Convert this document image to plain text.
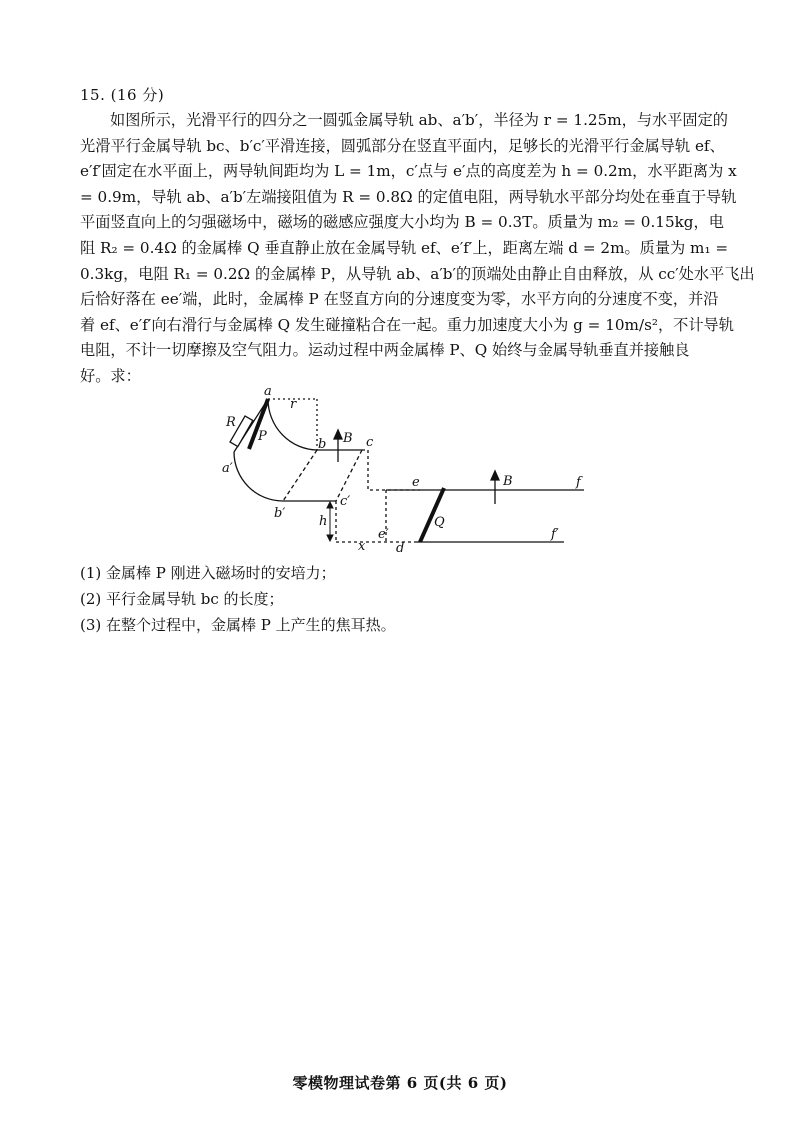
15. (16 分)
如图所示，光滑平行的四分之一圆弧金属导轨 ab、a′b′，半径为 r = 1.25m，与水平固定的
光滑平行金属导轨 bc、b′c′平滑连接，圆弧部分在竖直平面内，足够长的光滑平行金属导轨 ef、
e′f′固定在水平面上，两导轨间距均为 L = 1m，c′点与 e′点的高度差为 h = 0.2m，水平距离为 x
= 0.9m，导轨 ab、a′b′左端接阻值为 R = 0.8Ω 的定值电阻，两导轨水平部分均处在垂直于导轨
平面竖直向上的匀强磁场中，磁场的磁感应强度大小均为 B = 0.3T。质量为 m₂ = 0.15kg，电
阻 R₂ = 0.4Ω 的金属棒 Q 垂直静止放在金属导轨 ef、e′f′上，距离左端 d = 2m。质量为 m₁ =
0.3kg，电阻 R₁ = 0.2Ω 的金属棒 P，从导轨 ab、a′b′的顶端处由静止自由释放，从 cc′处水平飞出
后恰好落在 ee′端，此时，金属棒 P 在竖直方向的分速度变为零，水平方向的分速度不变，并沿
着 ef、e′f′向右滑行与金属棒 Q 发生碰撞粘合在一起。重力加速度大小为 g = 10m/s²，不计导轨
电阻，不计一切摩擦及空气阻力。运动过程中两金属棒 P、Q 始终与金属导轨垂直并接触良
好。求：
a
r
R
P
b B c
a′
b′
c′
e	B	f
Q
h
x
e′
d
f′
(1) 金属棒 P 刚进入磁场时的安培力；
(2) 平行金属导轨 bc 的长度；
(3) 在整个过程中，金属棒 P 上产生的焦耳热。
零模物理试卷第 6 页(共 6 页)
